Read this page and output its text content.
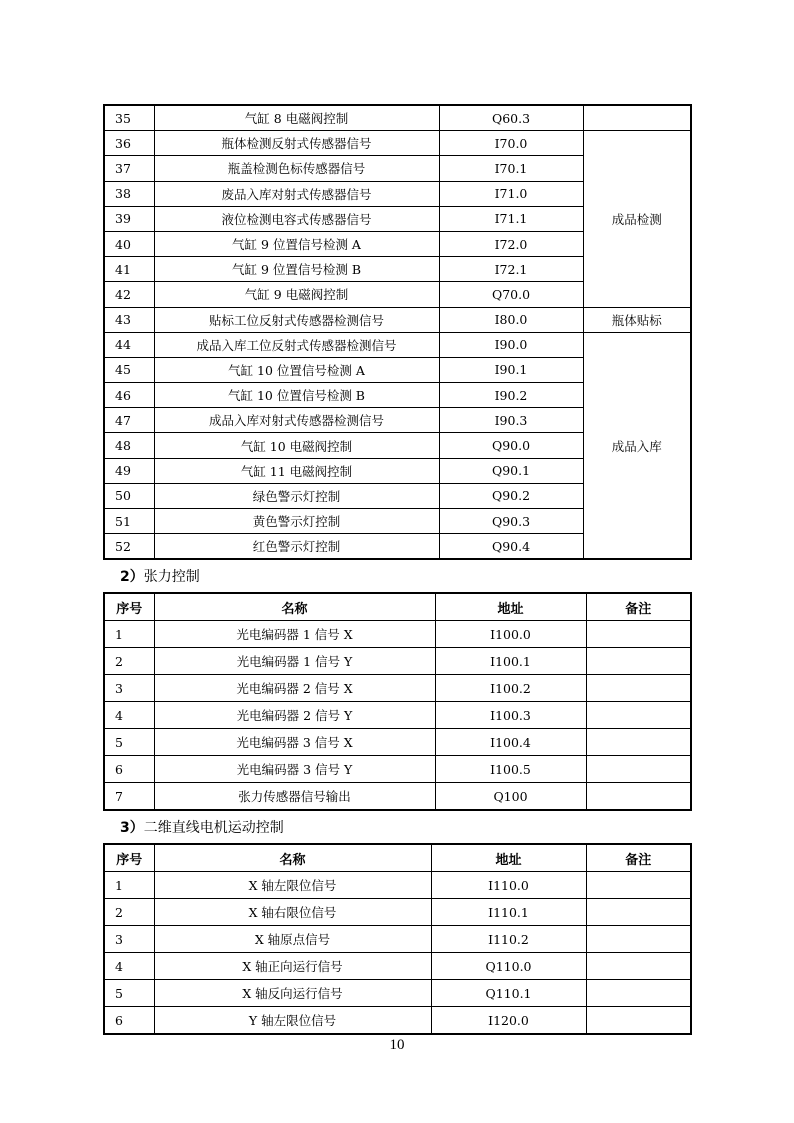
35	气缸 8 电磁阀控制	Q60.3	
36	瓶体检测反射式传感器信号	I70.0	成品检测
37	瓶盖检测色标传感器信号	I70.1	
38	废品入库对射式传感器信号	I71.0	
39	液位检测电容式传感器信号	I71.1	
40	气缸 9 位置信号检测 A	I72.0	
41	气缸 9 位置信号检测 B	I72.1	
42	气缸 9 电磁阀控制	Q70.0	
43	贴标工位反射式传感器检测信号	I80.0	瓶体贴标
44	成品入库工位反射式传感器检测信号	I90.0	成品入库
45	气缸 10 位置信号检测 A	I90.1	
46	气缸 10 位置信号检测 B	I90.2	
47	成品入库对射式传感器检测信号	I90.3	
48	气缸 10 电磁阀控制	Q90.0	
49	气缸 11 电磁阀控制	Q90.1	
50	绿色警示灯控制	Q90.2	
51	黄色警示灯控制	Q90.3	
52	红色警示灯控制	Q90.4	
2）张力控制
序号	名称	地址	备注
1	光电编码器 1 信号 X	I100.0	
2	光电编码器 1 信号 Y	I100.1	
3	光电编码器 2 信号 X	I100.2	
4	光电编码器 2 信号 Y	I100.3	
5	光电编码器 3 信号 X	I100.4	
6	光电编码器 3 信号 Y	I100.5	
7	张力传感器信号输出	Q100	
3）二维直线电机运动控制
序号	名称	地址	备注
1	X 轴左限位信号	I110.0	
2	X 轴右限位信号	I110.1	
3	X 轴原点信号	I110.2	
4	X 轴正向运行信号	Q110.0	
5	X 轴反向运行信号	Q110.1	
6	Y 轴左限位信号	I120.0	
10
